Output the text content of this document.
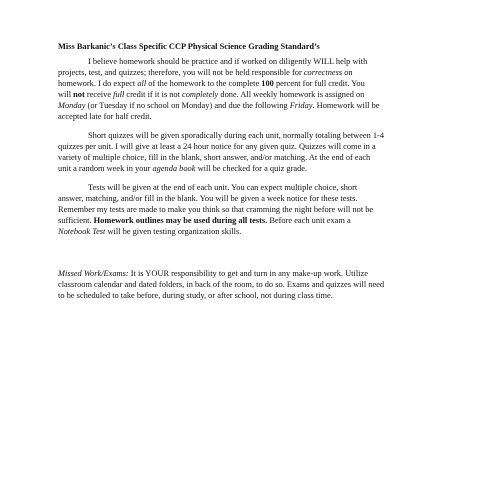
Miss Barkanic’s Class Specific CCP Physical Science Grading Standard’s
I believe homework should be practice and if worked on diligently WILL help with
projects, test, and quizzes; therefore, you will not be held responsible for correctness on
homework. I do expect all of the homework to the complete 100 percent for full credit. You
will not receive full credit if it is not completely done. All weekly homework is assigned on
Monday (or Tuesday if no school on Monday) and due the following Friday. Homework will be
accepted late for half credit.
Short quizzes will be given sporadically during each unit, normally totaling between 1-4
quizzes per unit. I will give at least a 24 hour notice for any given quiz. Quizzes will come in a
variety of multiple choice, fill in the blank, short answer, and/or matching. At the end of each
unit a random week in your agenda book will be checked for a quiz grade.
Tests will be given at the end of each unit. You can expect multiple choice, short
answer, matching, and/or fill in the blank. You will be given a week notice for these tests.
Remember my tests are made to make you think so that cramming the night before will not be
sufficient. Homework outlines may be used during all tests. Before each unit exam a
Notebook Test will be given testing organization skills.
Missed Work/Exams: It is YOUR responsibility to get and turn in any make-up work. Utilize
classroom calendar and dated folders, in back of the room, to do so. Exams and quizzes will need
to be scheduled to take before, during study, or after school, not during class time.
